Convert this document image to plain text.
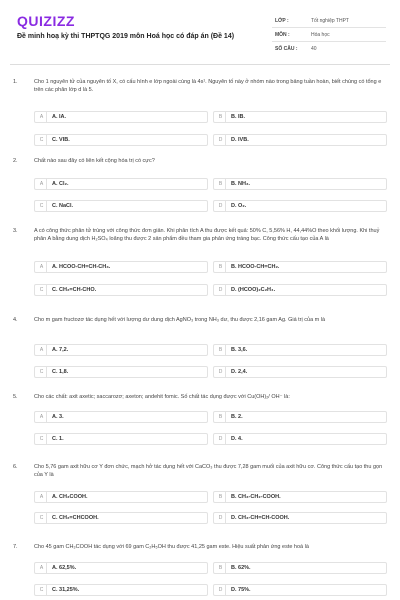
QUIZIZZ
Đề minh hoạ kỳ thi THPTQG 2019 môn Hoá học có đáp án (Đề 14)
LỚP :	Tốt nghiệp THPT
MÔN :	Hóa học
SỐ CÂU :	40
1.	Cho 1 nguyên tử của nguyên tố X, có cấu hình e lớp ngoài cùng là 4s¹. Nguyên tố này ở nhóm nào trong bảng tuần hoàn, biết chúng có tổng e trên các phân lớp d là 5.
A	A. IA.	B	B. IB.
C	C. VIB.	D	D. IVB.
2.	Chất nào sau đây có liên kết cộng hóa trị có cực?
A	A. Cl₂.	B	B. NH₃.
C	C. NaCl.	D	D. O₂.
3.	A có công thức phân tử trùng với công thức đơn giản. Khi phân tích A thu được kết quả: 50% C, 5,56% H, 44,44%O theo khối lượng. Khi thuỷ phân A bằng dung dịch H₂SO₄ loãng thu được 2 sản phẩm đều tham gia phản ứng tráng bạc. Công thức cấu tạo của A là
A	A. HCOO-CH=CH-CH₃.	B	B. HCOO-CH=CH₂.
C	C. CH₂=CH-CHO.	D	D. (HCOO)₂C₂H₄.
4.	Cho m gam fructozơ tác dụng hết với lượng dư dung dịch AgNO₃ trong NH₃ dư, thu được 2,16 gam Ag. Giá trị của m là
A	A. 7,2.	B	B. 3,6.
C	C. 1,8.	D	D. 2,4.
5.	Cho các chất: axit axetic; saccarozơ; axeton; andehit fomic. Số chất tác dụng được với Cu(OH)₂/ OH⁻ là:
A	A. 3.	B	B. 2.
C	C. 1.	D	D. 4.
6.	Cho 5,76 gam axit hữu cơ Y đơn chức, mạch hở tác dụng hết với CaCO₃ thu được 7,28 gam muối của axit hữu cơ. Công thức cấu tạo thu gọn của Y là
A	A. CH₃COOH.	B	B. CH₃-CH₂-COOH.
C	C. CH₂=CHCOOH.	D	D. CH₃-CH=CH-COOH.
7.	Cho 45 gam CH₃COOH tác dụng với 69 gam C₂H₅OH thu được 41,25 gam este. Hiệu suất phản ứng este hoá là
A	A. 62,5%.	B	B. 62%.
C	C. 31,25%.	D	D. 75%.
